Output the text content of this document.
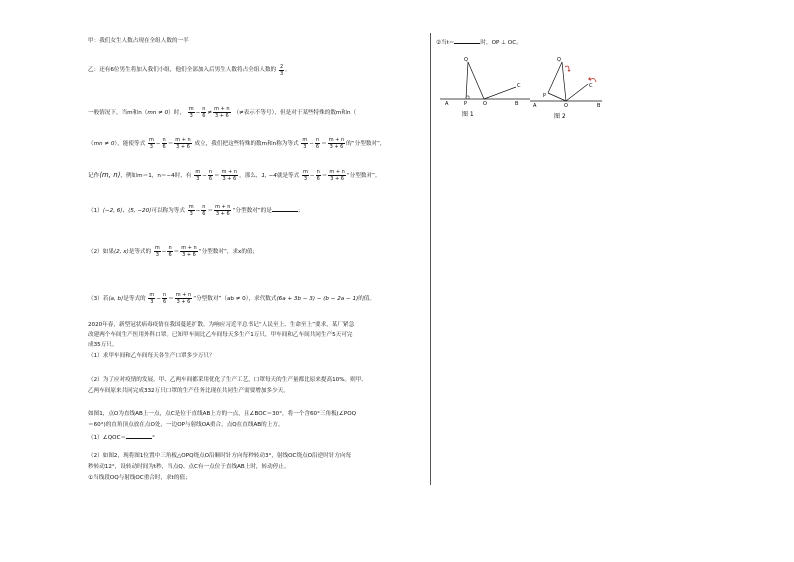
甲：我们女生人数占现在全组人数的一半
乙：还有6位男生将加入我们小组，他们全部加入后男生人数将占全组人数的 $\frac{2}{3}$ 。
一般情况下，当m和n（mn ≠ 0）时， $\frac{m}{3} - \frac{n}{6} \ne \frac{m + n}{3 + 6}$ （≠表示不等号），但是对于某些特殊的数m和n（
（mn ≠ 0），能使等式 $\frac{m}{3} - \frac{n}{6} = \frac{m + n}{3 + 6}$ 成立，我们把这些特殊的数m和n称为等式 $\frac{m}{3} - \frac{n}{6} = \frac{m + n}{3 + 6}$ 的“分型数对”，
记作⟨m, n⟩，例如m＝1，n＝−4时，有 $\frac{m}{3} - \frac{n}{6} = \frac{m + n}{3 + 6}$ ，那么，1, −4就是等式 $\frac{m}{3} - \frac{n}{6} = \frac{m + n}{3 + 6}$ “分型数对”。
（1）⟨−2, 6⟩、⟨5, −20⟩可以称为等式 $\frac{m}{3} - \frac{n}{6} = \frac{m + n}{3 + 6}$ “分型数对”的是	；
（2）如果⟨2, x⟩是等式的 $\frac{m}{3} - \frac{n}{6} = \frac{m + n}{3 + 6}$ “分型数对”，求x的值；
（3）若⟨a, b⟩是等式的 $\frac{m}{3} - \frac{n}{6} = \frac{m + n}{3 + 6}$ “分型数对”（ab ≠ 0），求代数式(6a + 3b − 3) − (b − 2a − 1)的值。
2020年春，新型冠状病毒疫情在我国蔓延扩散。为响应习近平总书记“人民至上、生命至上”要求，某厂紧急
改建两个车间生产医用外科口罩。已知甲车间比乙车间每天多生产1万只，甲车间和乙车间共同生产5天可完
成35万只。
（1）求甲车间和乙车间每天各生产口罩多少万只？
（2）为了应对疫情的发展，甲、乙两车间都采用优化了生产工艺，口罩每天的生产量都比原来提高10%。则甲、
乙两车间原来共同完成332万只口罩的生产任务比现在共同生产需要增加多少天。
如图1，点O为直线AB上一点，点C是位于直线AB上方的一点，且∠BOC＝30°，将一个含60°三角板(∠POQ
＝60°)的直角顶点放在点O处，一边OP与射线OA重合，点Q在直线AB的上方。
（1）∠QOC＝	°
（2）如图2，现将图1位置中三角板△OPQ绕点O沿顺时针方向每秒转动3°，射线OC绕点O沿逆时针方向每
秒转动12°，设转动时间为t秒，当点Q、点C有一点位于直线AB上时，转动停止。
①当线段OQ与射线OC重合时，求t的值；
②当t＝	时，OP ⊥ OC。
Q
A	P	O	B
C
图 1
Q
A
P
O	B
C
图 2
